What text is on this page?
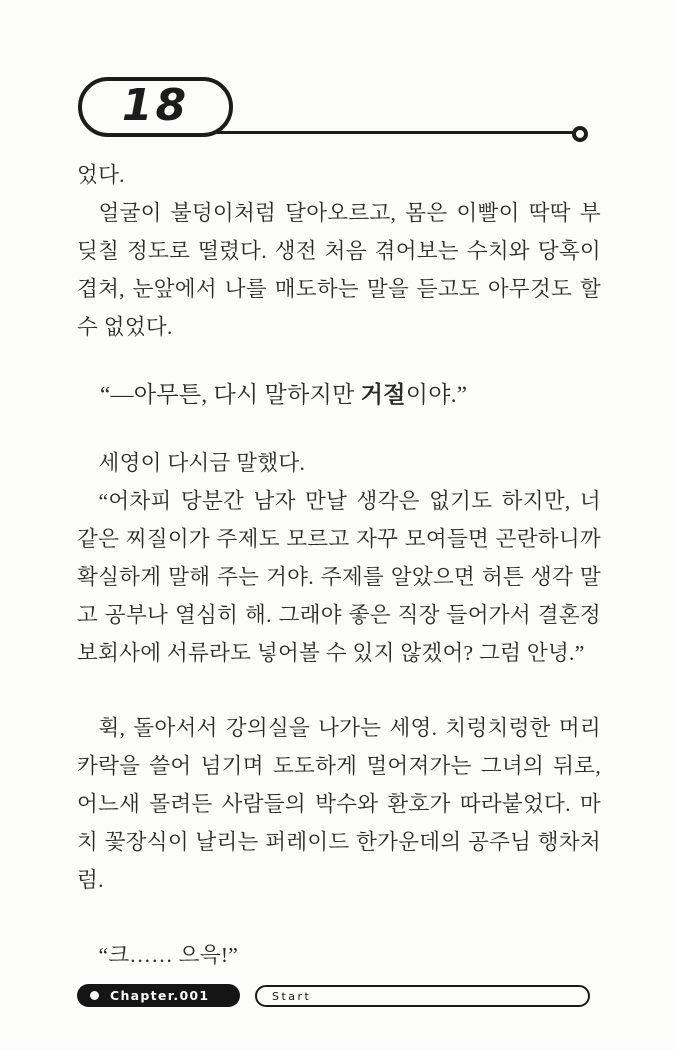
18

었다.

얼굴이 불덩이처럼 달아오르고, 몸은 이빨이 딱딱 부딪칠 정도로 떨렸다. 생전 처음 겪어보는 수치와 당혹이 겹쳐, 눈앞에서 나를 매도하는 말을 듣고도 아무것도 할 수 없었다.

“—아무튼, 다시 말하지만 거절이야.”

세영이 다시금 말했다.

“어차피 당분간 남자 만날 생각은 없기도 하지만, 너 같은 찌질이가 주제도 모르고 자꾸 모여들면 곤란하니까 확실하게 말해 주는 거야. 주제를 알았으면 허튼 생각 말고 공부나 열심히 해. 그래야 좋은 직장 들어가서 결혼정보회사에 서류라도 넣어볼 수 있지 않겠어? 그럼 안녕.”

휙, 돌아서서 강의실을 나가는 세영. 치렁치렁한 머리카락을 쓸어 넘기며 도도하게 멀어져가는 그녀의 뒤로, 어느새 몰려든 사람들의 박수와 환호가 따라붙었다. 마치 꽃장식이 날리는 퍼레이드 한가운데의 공주님 행차처럼.

“크…… 으윽!”

Chapter.001	Start
